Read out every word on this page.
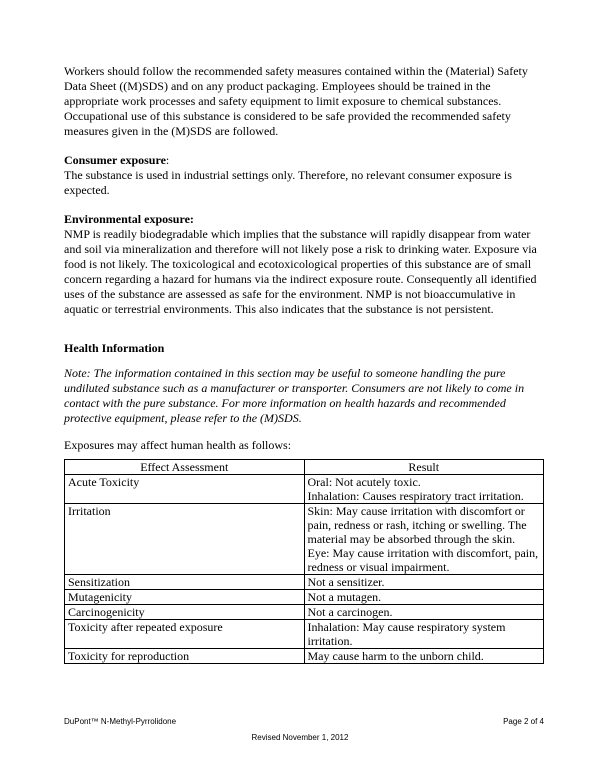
Workers should follow the recommended safety measures contained within the (Material) Safety Data Sheet ((M)SDS) and on any product packaging. Employees should be trained in the appropriate work processes and safety equipment to limit exposure to chemical substances. Occupational use of this substance is considered to be safe provided the recommended safety measures given in the (M)SDS are followed.

Consumer exposure:

The substance is used in industrial settings only. Therefore, no relevant consumer exposure is expected.

Environmental exposure:

NMP is readily biodegradable which implies that the substance will rapidly disappear from water and soil via mineralization and therefore will not likely pose a risk to drinking water. Exposure via food is not likely. The toxicological and ecotoxicological properties of this substance are of small concern regarding a hazard for humans via the indirect exposure route. Consequently all identified uses of the substance are assessed as safe for the environment. NMP is not bioaccumulative in aquatic or terrestrial environments. This also indicates that the substance is not persistent.

Health Information

Note: The information contained in this section may be useful to someone handling the pure undiluted substance such as a manufacturer or transporter. Consumers are not likely to come in contact with the pure substance. For more information on health hazards and recommended protective equipment, please refer to the (M)SDS.

Exposures may affect human health as follows:

Effect Assessment	Result
Acute Toxicity	Oral: Not acutely toxic.
Inhalation: Causes respiratory tract irritation.

Irritation	Skin: May cause irritation with discomfort or pain, redness or rash, itching or swelling. The material may be absorbed through the skin.
Eye: May cause irritation with discomfort, pain, redness or visual impairment.

Sensitization	Not a sensitizer.
Mutagenicity	Not a mutagen.
Carcinogenicity	Not a carcinogen.
Toxicity after repeated exposure	Inhalation: May cause respiratory system irritation.
Toxicity for reproduction	May cause harm to the unborn child.
DuPont™ N-Methyl-Pyrrolidone	Page 2 of 4
Revised November 1, 2012
